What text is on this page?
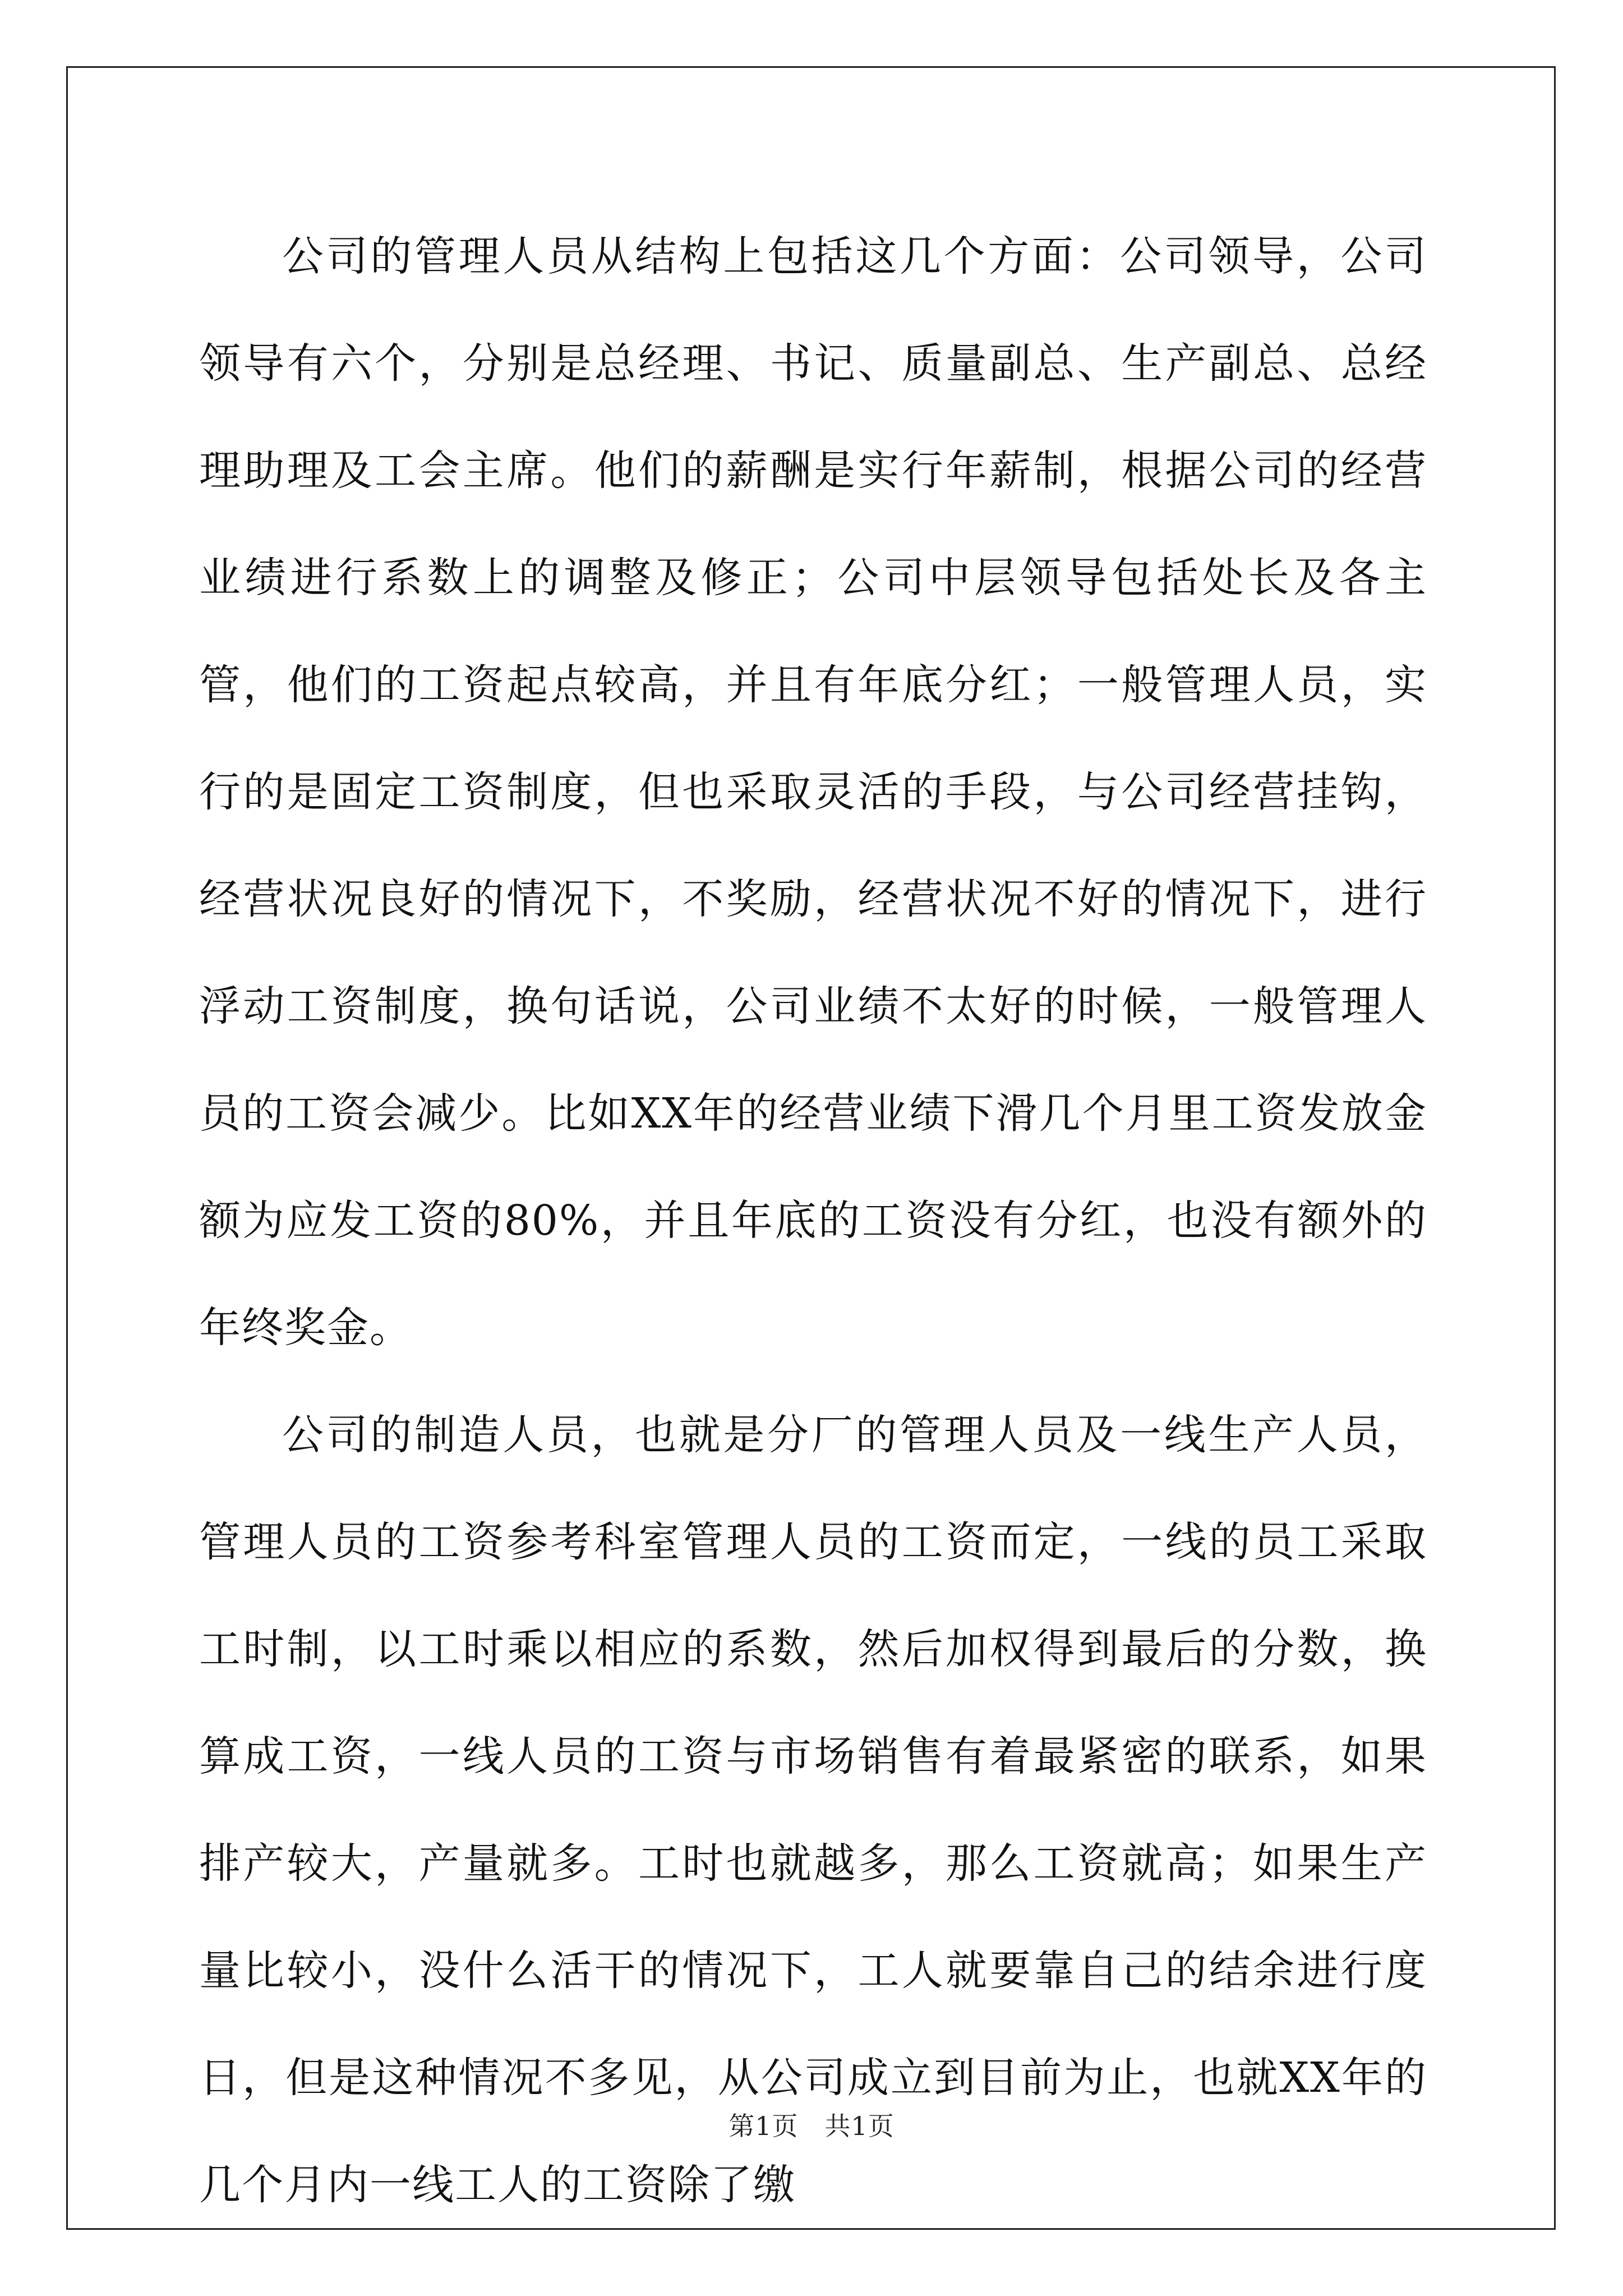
公司的管理人员从结构上包括这几个方面：公司领导，公司领导有六个，分别是总经理、书记、质量副总、生产副总、总经理助理及工会主席。他们的薪酬是实行年薪制，根据公司的经营业绩进行系数上的调整及修正；公司中层领导包括处长及各主管，他们的工资起点较高，并且有年底分红；一般管理人员，实行的是固定工资制度，但也采取灵活的手段，与公司经营挂钩，经营状况良好的情况下，不奖励，经营状况不好的情况下，进行浮动工资制度，换句话说，公司业绩不太好的时候，一般管理人员的工资会减少。比如XX年的经营业绩下滑几个月里工资发放金额为应发工资的80%，并且年底的工资没有分红，也没有额外的年终奖金。

公司的制造人员，也就是分厂的管理人员及一线生产人员，管理人员的工资参考科室管理人员的工资而定，一线的员工采取工时制，以工时乘以相应的系数，然后加权得到最后的分数，换算成工资，一线人员的工资与市场销售有着最紧密的联系，如果排产较大，产量就多。工时也就越多，那么工资就高；如果生产量比较小，没什么活干的情况下，工人就要靠自己的结余进行度日，但是这种情况不多见，从公司成立到目前为止，也就XX年的几个月内一线工人的工资除了缴

第1页　共1页
